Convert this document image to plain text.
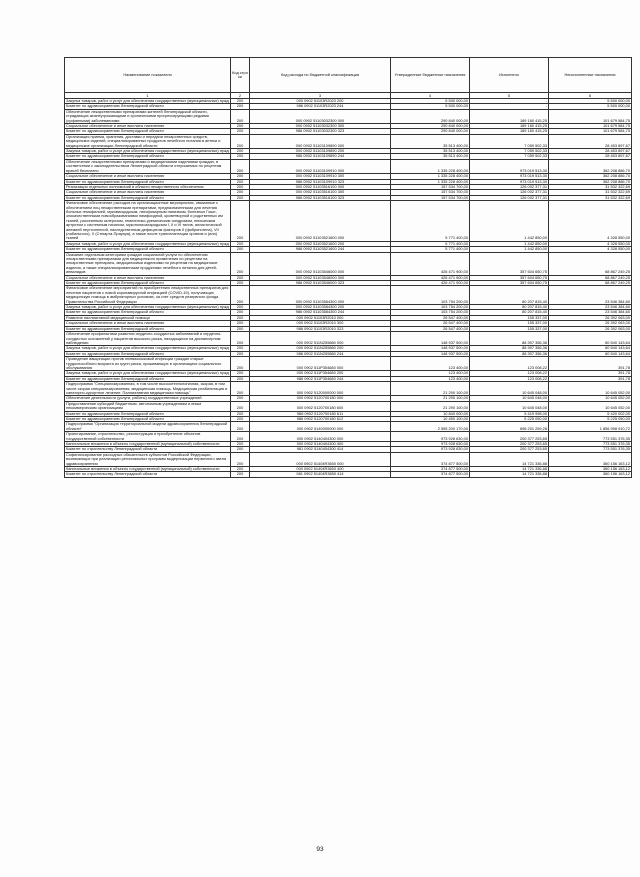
Наименование показателя	Код стро ки	Код расхода по бюджетной классификации	Утвержденные бюджетные назначения	Исполнено	Неисполненные назначения
1	2	3	4	5	6
Закупка товаров, работ и услуг для обеспечения государственных (муниципальных) нужд	200	000 0902 51103R2023 200	5 500 000,00	-	5 500 000,00
Комитет по здравоохранению Ленинградской области	200	986 0902 51103R2023 244	5 500 000,00	-	5 500 000,00
Обеспечение лекарственными препаратами жителей Ленинградской области, страдающих жизнеугрожающими и хроническими прогрессирующими редкими (орфанными) заболеваниями	200	000 0902 51103032300 000	290 840 000,00	189 160 415,25	101 679 584,75
Социальное обеспечение и иные выплаты населению	200	000 0902 51103032300 300	290 840 000,00	189 160 415,25	101 679 584,75
Комитет по здравоохранению Ленинградской области	200	986 0902 51103032300 323	290 840 000,00	189 160 415,25	101 679 584,75
Организация приема, хранения, доставки и передачи лекарственных средств, медицинских изделий, специализированных продуктов лечебного питания в аптеки и медицинские организации Ленинградской области	200	000 0902 51103109890 000	35 513 400,00	7 059 502,33	28 453 897,67
Закупка товаров, работ и услуг для обеспечения государственных (муниципальных) нужд	200	000 0902 51103109890 200	35 513 400,00	7 059 502,33	28 453 897,67
Комитет по здравоохранению Ленинградской области	200	986 0902 51103109890 244	35 513 400,00	7 059 502,33	28 453 897,67
Обеспечение лекарственными препаратами и медицинскими изделиями граждан, в соответствии с законодательством Ленинградской области отпускаемых по рецептам врачей бесплатно	200	000 0902 51103109910 000	1 335 228 400,00	973 019 513,30	362 208 886,70
Социальное обеспечение и иные выплаты населению	200	000 0902 51103109910 300	1 335 228 400,00	973 019 513,30	362 208 886,70
Комитет по здравоохранению Ленинградской области	200	986 0902 51103109910 323	1 335 228 400,00	973 019 513,30	362 208 886,70
Реализация отдельных полномочий в области лекарственного обеспечения	200	000 0902 51103516100 000	157 534 700,00	126 002 377,31	31 532 322,69
Социальное обеспечение и иные выплаты населению	200	000 0902 51103516100 300	157 534 700,00	126 002 377,31	31 532 322,69
Комитет по здравоохранению Ленинградской области	200	986 0902 51103516100 323	157 534 700,00	126 002 377,31	31 532 322,69
Финансовое обеспечение расходов на организационные мероприятия, связанные с обеспечением лиц лекарственными препаратами, предназначенными для лечения больных гемофилией, муковисцидозом, гипофизарным нанизмом, болезнью Гоше, злокачественными новообразованиями лимфоидной, кроветворной и родственных им тканей, рассеянным склерозом, гемолитико-уремическим синдромом, юношеским артритом с системным началом, мукополисахаридозом I, II и VI типов, апластической анемией неуточненной, наследственным дефицитом факторов II (фибриногена), VII (лабильного), X (Стюарта-Прауэра), а также после трансплантации органов и (или) тканей	200	000 0902 51103521600 000	5 771 400,00	1 442 850,00	4 328 550,00
Закупка товаров, работ и услуг для обеспечения государственных (муниципальных) нужд	200	000 0902 51103521600 200	5 771 400,00	1 442 850,00	4 328 550,00
Комитет по здравоохранению Ленинградской области	200	986 0902 51103521600 244	5 771 400,00	1 442 850,00	4 328 550,00
Оказание отдельным категориям граждан социальной услуги по обеспечению лекарственными препаратами для медицинского применения по рецептам на лекарственные препараты, медицинскими изделиями по рецептам на медицинские изделия, а также специализированными продуктами лечебного питания для детей-инвалидов	200	000 0902 51103546000 000	426 471 900,00	357 604 650,75	68 867 249,25
Социальное обеспечение и иные выплаты населению	200	000 0902 51103546000 300	426 471 900,00	357 604 650,75	68 867 249,25
Комитет по здравоохранению Ленинградской области	200	986 0902 51103546000 323	426 471 900,00	357 604 650,75	68 867 249,25
Финансовое обеспечение мероприятий по приобретению лекарственных препаратов для лечения пациентов с новой коронавирусной инфекцией (COVID-19), получающих медицинскую помощь в амбулаторных условиях, за счет средств резервного фонда Правительства Российской Федерации	200	000 0902 51103584300 000	103 754 200,00	80 207 815,40	23 546 384,60
Закупка товаров, работ и услуг для обеспечения государственных (муниципальных) нужд	200	000 0902 51103584300 200	103 754 200,00	80 207 815,40	23 546 384,60
Комитет по здравоохранению Ленинградской области	200	986 0902 51103584300 244	103 754 200,00	80 207 815,40	23 546 384,60
Развитие паллиативной медицинской помощи	200	000 0902 51103R2010 000	26 547 400,00	155 337,00	26 392 063,00
Социальное обеспечение и иные выплаты населению	200	000 0902 51103R2010 300	26 547 400,00	155 337,00	26 392 063,00
Комитет по здравоохранению Ленинградской области	200	986 0902 51103R2010 323	26 547 400,00	155 337,00	26 392 063,00
Обеспечение профилактики развития сердечно-сосудистых заболеваний и сердечно-сосудистых осложнений у пациентов высокого риска, находящихся на диспансерном наблюдении	200	000 0902 511N255860 000	148 937 500,00	88 397 356,36	60 540 143,64
Закупка товаров, работ и услуг для обеспечения государственных (муниципальных) нужд	200	000 0902 511N255860 200	148 937 500,00	88 397 356,36	60 540 143,64
Комитет по здравоохранению Ленинградской области	200	986 0902 511N255860 244	148 937 500,00	88 397 356,36	60 540 143,64
Проведение вакцинации против пневмококковой инфекции граждан старше трудоспособного возраста из групп риска, проживающих в организациях социального обслуживания	200	000 0902 511P354680 000	123 400,00	123 008,22	391,78
Закупка товаров, работ и услуг для обеспечения государственных (муниципальных) нужд	200	000 0902 511P354680 200	123 400,00	123 008,22	391,78
Комитет по здравоохранению Ленинградской области	200	986 0902 511P354680 244	123 400,00	123 008,22	391,78
Подпрограмма "Специализированная, в том числе высокотехнологичная, скорая, в том числе скорая специализированная, медицинская помощь. Медицинская реабилитация и санаторно-курортное лечение. Паллиативная медицинская помощь"	200	000 0902 5120000000 000	21 290 100,00	10 645 048,00	10 645 052,00
Обеспечение деятельности (услуги, работы) государственных учреждений	200	000 0902 5120700180 000	21 290 100,00	10 645 048,00	10 645 052,00
Предоставление субсидий бюджетным, автономным учреждениям и иным некоммерческим организациям	200	000 0902 5120700180 600	21 290 100,00	10 645 048,00	10 645 052,00
Комитет по здравоохранению Ленинградской области	200	986 0902 5120700180 611	10 840 000,00	5 419 998,00	5 420 002,00
Комитет по здравоохранению Ленинградской области	200	986 0902 5120700180 612	10 450 100,00	5 225 050,00	5 225 050,00
Подпрограмма "Организация территориальной модели здравоохранения Ленинградской области"	200	000 0902 5140000000 000	2 555 200 170,00	698 201 259,28	1 856 998 910,72
Проектирование, строительство, реконструкция и приобретение объектов государственной собственности	200	000 0902 5140404300 000	973 928 630,00	200 377 253,65	773 551 376,35
Капитальные вложения в объекты государственной (муниципальной) собственности	200	000 0902 5140404300 400	973 928 630,00	200 377 253,65	773 551 376,35
Комитет по строительству Ленинградской области	200	981 0902 5140404300 414	973 928 630,00	200 377 253,65	773 551 376,35
Софинансирование расходных обязательств субъектов Российской Федерации, возникающих при реализации региональных программ модернизации первичного звена здравоохранения	200	000 0902 51404R3650 000	374 877 500,00	14 721 336,88	360 156 163,12
Капитальные вложения в объекты государственной (муниципальной) собственности	200	000 0902 51404R3650 400	374 877 500,00	14 721 336,88	360 156 163,12
Комитет по строительству Ленинградской области	200	981 0902 51404R3650 414	374 877 500,00	14 721 336,88	360 156 163,12
93
